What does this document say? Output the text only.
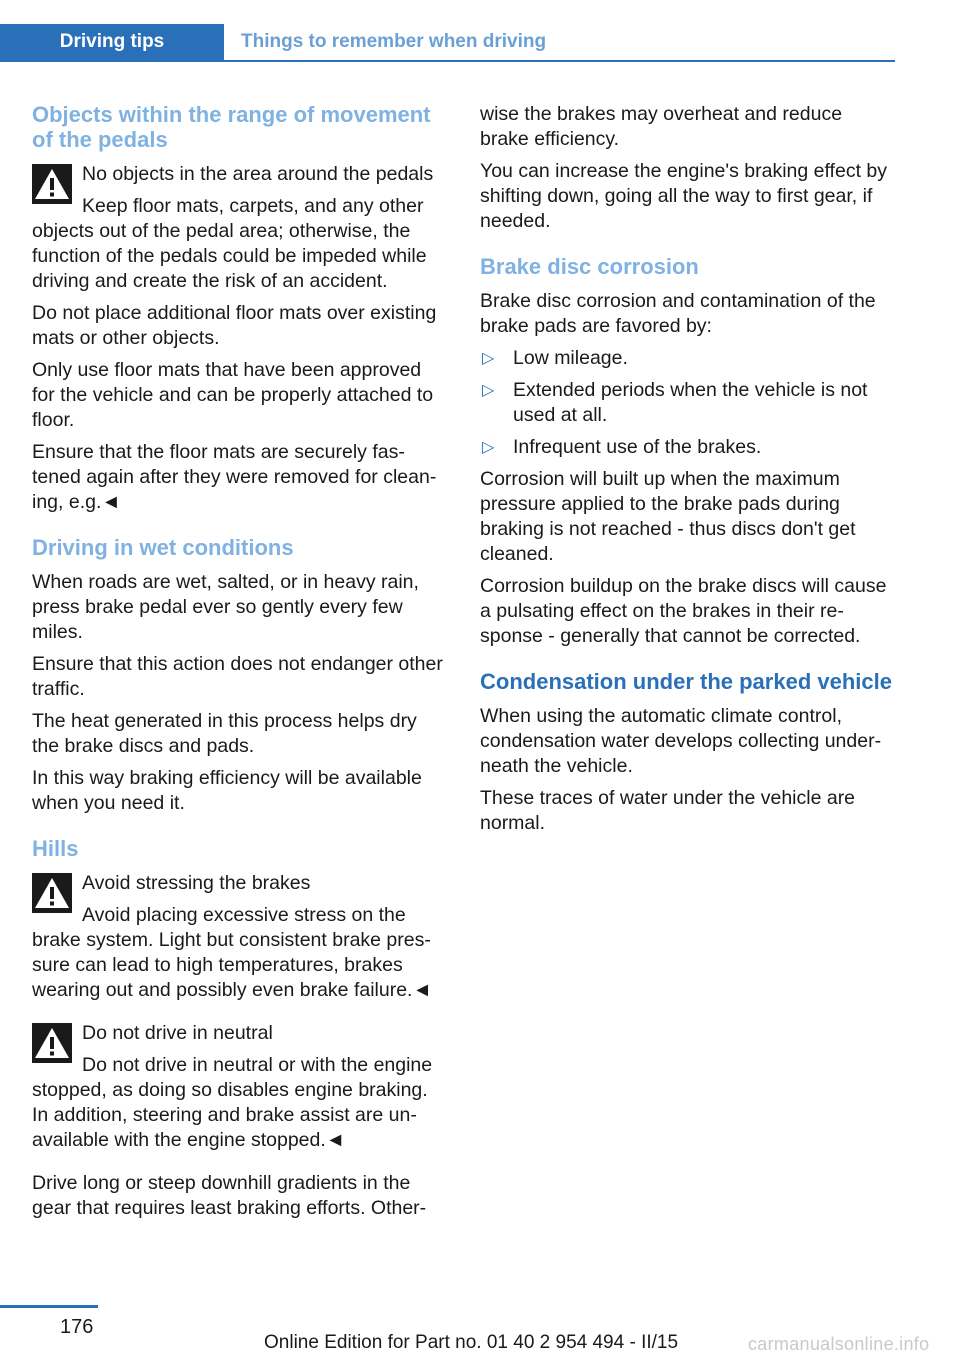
Driving tips	Things to remember when driving
Objects within the range of movement of the pedals
No objects in the area around the pedals

Keep floor mats, carpets, and any other objects out of the pedal area; otherwise, the function of the pedals could be impeded while driving and create the risk of an accident.

Do not place additional floor mats over existing mats or other objects.

Only use floor mats that have been approved for the vehicle and can be properly attached to floor.

Ensure that the floor mats are securely fastened again after they were removed for cleaning, e.g.◄

Driving in wet conditions

When roads are wet, salted, or in heavy rain, press brake pedal ever so gently every few miles.

Ensure that this action does not endanger other traffic.

The heat generated in this process helps dry the brake discs and pads.

In this way braking efficiency will be available when you need it.

Hills
Avoid stressing the brakes

Avoid placing excessive stress on the brake system. Light but consistent brake pressure can lead to high temperatures, brakes wearing out and possibly even brake failure.◄

Do not drive in neutral

Do not drive in neutral or with the engine stopped, as doing so disables engine braking. In addition, steering and brake assist are unavailable with the engine stopped.◄

Drive long or steep downhill gradients in the gear that requires least braking efforts. Other-

wise the brakes may overheat and reduce brake efficiency.

You can increase the engine's braking effect by shifting down, going all the way to first gear, if needed.

Brake disc corrosion

Brake disc corrosion and contamination of the brake pads are favored by:

▷ Low mileage.
▷ Extended periods when the vehicle is not used at all.
▷ Infrequent use of the brakes.

Corrosion will built up when the maximum pressure applied to the brake pads during braking is not reached - thus discs don't get cleaned.

Corrosion buildup on the brake discs will cause a pulsating effect on the brakes in their response - generally that cannot be corrected.

Condensation under the parked vehicle

When using the automatic climate control, condensation water develops collecting underneath the vehicle.

These traces of water under the vehicle are normal.

176
Online Edition for Part no. 01 40 2 954 494 - II/15	carmanualsonline.info
